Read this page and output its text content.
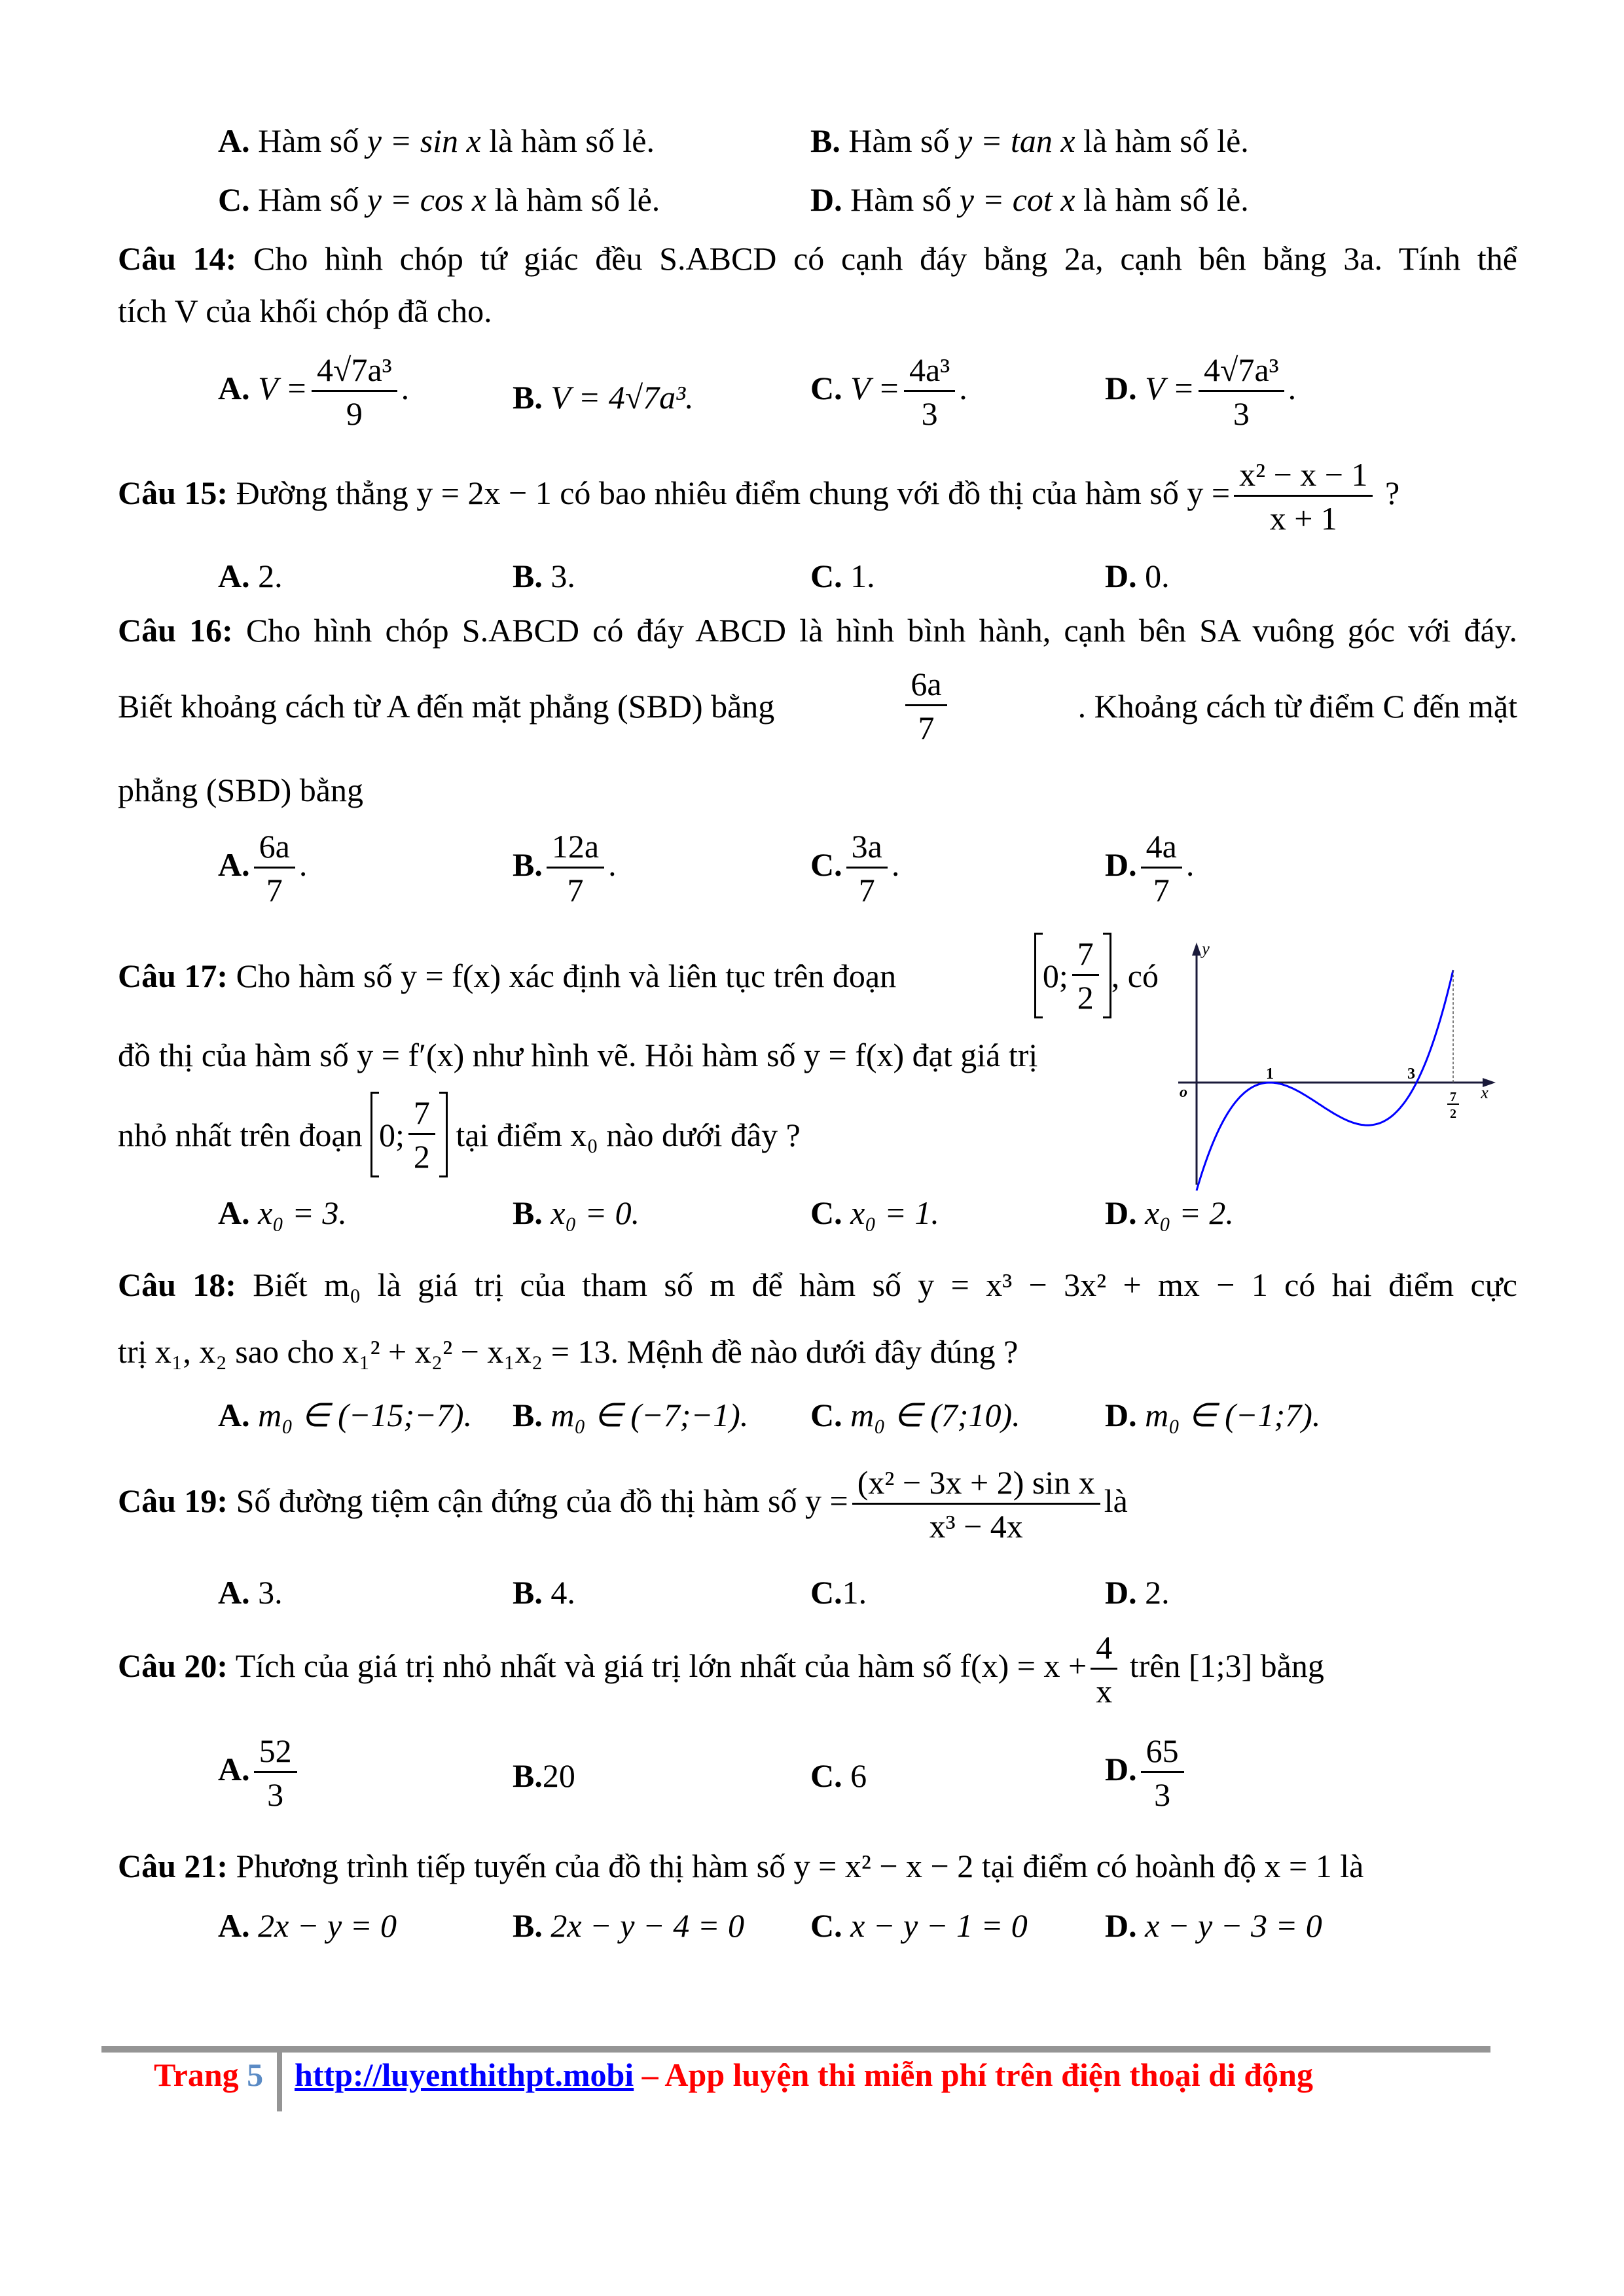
A. Hàm số y = sin x là hàm số lẻ.	B. Hàm số y = tan x là hàm số lẻ.
C. Hàm số y = cos x là hàm số lẻ.	D. Hàm số y = cot x là hàm số lẻ.
Câu 14: Cho hình chóp tứ giác đều S.ABCD có cạnh đáy bằng 2a, cạnh bên bằng 3a. Tính thể
tích V của khối chóp đã cho.
A. $V = \frac{\text{4√7a³}}{9}$ .	B. V = 4√7a³.	C. $V = \frac{\text{4a³}}{3}$ .	D. $V = \frac{\text{4√7a³}}{3}$ .
Câu 15: Đường thẳng y = 2x − 1 có bao nhiêu điểm chung với đồ thị của hàm số $y = \frac{\text{x² − x − 1}}{x + 1}$ ?
A. 2.	B. 3.	C. 1.	D. 0.
Câu 16: Cho hình chóp S.ABCD có đáy ABCD là hình bình hành, cạnh bên SA vuông góc với đáy.
Biết khoảng cách từ A đến mặt phẳng (SBD) bằng	$\frac{6a}{7}$	. Khoảng cách từ điểm C đến mặt
phẳng (SBD) bằng
A. $\frac{6a}{7}$ .	B. $\frac{12a}{7}$ .	C. $\frac{3a}{7}$ .	D. $\frac{4a}{7}$ .
Câu 17:
Cho hàm số y = f(x) xác định và liên tục trên đoạn	0; $\frac{7}{2}$ , có
đồ thị của hàm số y = f′(x) như hình vẽ. Hỏi hàm số y = f(x) đạt giá trị
nhỏ nhất trên đoạn
0; $\frac{7}{2}$
tại điểm x₀ nào dưới đây ?
y
x
o
1	3
7
2
A. x₀ = 3.	B. x₀ = 0.	C. x₀ = 1.	D. x₀ = 2.
Câu 18: Biết m₀ là giá trị của tham số m để hàm số y = x³ − 3x² + mx − 1 có hai điểm cực
trị x₁, x₂ sao cho x₁² + x₂² − x₁x₂ = 13. Mệnh đề nào dưới đây đúng ?
A. m₀ ∈ (−15;−7). B. m₀ ∈ (−7;−1). C. m₀ ∈ (7;10).	D. m₀ ∈ (−1;7).
Câu 19: Số đường tiệm cận đứng của đồ thị hàm số $y = \frac{\text{(x² − 3x + 2) sin x}}{\text{x³ − 4x}}$ là
A. 3.	B. 4.	C.1.	D. 2.
Câu 20: Tích của giá trị nhỏ nhất và giá trị lớn nhất của hàm số $f(x) = x + \frac{4}{x}$ trên [1;3] bằng
A. $\frac{52}{3}$	B.20	C. 6	D. $\frac{65}{3}$
Câu 21: Phương trình tiếp tuyến của đồ thị hàm số y = x² − x − 2 tại điểm có hoành độ x = 1 là
A. 2x − y = 0	B. 2x − y − 4 = 0 C. x − y − 1 = 0 D. x − y − 3 = 0
Trang 5 http://luyenthithpt.mobi – App luyện thi miễn phí trên điện thoại di động
